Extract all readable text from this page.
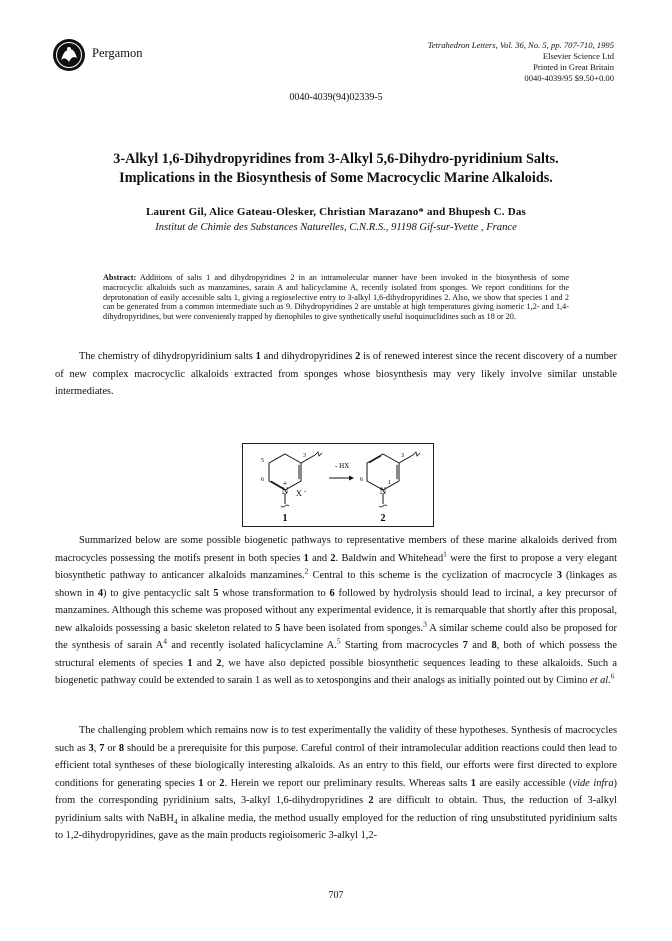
Pergamon
Tetrahedron Letters, Vol. 36, No. 5, pp. 707-710, 1995
Elsevier Science Ltd
Printed in Great Britain
0040-4039/95 $9.50+0.00
0040-4039(94)02339-5
3-Alkyl 1,6-Dihydropyridines from 3-Alkyl 5,6-Dihydro-pyridinium Salts.
Implications in the Biosynthesis of Some Macrocyclic Marine Alkaloids.
Laurent Gil, Alice Gateau-Olesker, Christian Marazano* and Bhupesh C. Das
Institut de Chimie des Substances Naturelles, C.N.R.S., 91198 Gif-sur-Yvette , France
Abstract: Additions of salts 1 and dihydropyridines 2 in an intramolecular manner have been invoked in the biosynthesis of some macrocyclic alkaloids such as manzamines, sarain A and halicyclamine A, recently isolated from sponges. We report conditions for the deprotonation of easily accessible salts 1, giving a regioselective entry to 3-alkyl 1,6-dihydropyridines 2. Also, we show that species 1 and 2 can be generated from a common intermediate such as 9. Dihydropyridines 2 are unstable at high temperatures giving isomeric 1,2- and 1,4-dihydropyridines, but were conveniently trapped by dienophiles to give synthetically useful isoquinuclidines such as 18 or 20.
The chemistry of dihydropyridinium salts 1 and dihydropyridines 2 is of renewed interest since the recent discovery of a number of new complex macrocyclic alkaloids extracted from sponges whose biosynthesis may very likely involve similar unstable intermediates.
N
+
X -
5
6
3
- HX
N
1
6
3
1	2
Summarized below are some possible biogenetic pathways to representative members of these marine alkaloids derived from macrocycles possessing the motifs present in both species 1 and 2. Baldwin and Whitehead$^1$ were the first to propose a very elegant biosynthetic pathway to anticancer alkaloids manzamines.$^2$ Central to this scheme is the cyclization of macrocycle 3 (linkages as shown in 4) to give pentacyclic salt 5 whose transformation to 6 followed by hydrolysis should lead to ircinal, a key precursor of manzamines. Although this scheme was proposed without any experimental evidence, it is remarquable that shortly after this proposal, new alkaloids possessing a basic skeleton related to 5 have been isolated from sponges.$^3$ A similar scheme could also be proposed for the synthesis of sarain $A^4$ and recently isolated halicyclamine A.$^5$ Starting from macrocycles 7 and 8, both of which possess the structural elements of species 1 and 2, we have also depicted possible biosynthetic sequences leading to these alkaloids. Such a biogenetic pathway could be extended to sarain 1 as well as to xetospongins and their analogs as initially pointed out by Cimino et al.$^6$
The challenging problem which remains now is to test experimentally the validity of these hypotheses. Synthesis of macrocycles such as 3, 7 or 8 should be a prerequisite for this purpose. Careful control of their intramolecular addition reactions could then lead to efficient total syntheses of these biologically interesting alkaloids. As an entry to this field, our efforts were first directed to explore conditions for generating species 1 or 2. Herein we report our preliminary results. Whereas salts 1 are easily accessible (vide infra) from the corresponding pyridinium salts, 3-alkyl 1,6-dihydropyridines 2 are difficult to obtain. Thus, the reduction of 3-alkyl pyridinium salts with NaBH$_4$ in alkaline media, the method usually employed for the reduction of ring unsubstituted pyridinium salts to 1,2-dihydropyridines, gave as the main products regioisomeric 3-alkyl 1,2-
707
